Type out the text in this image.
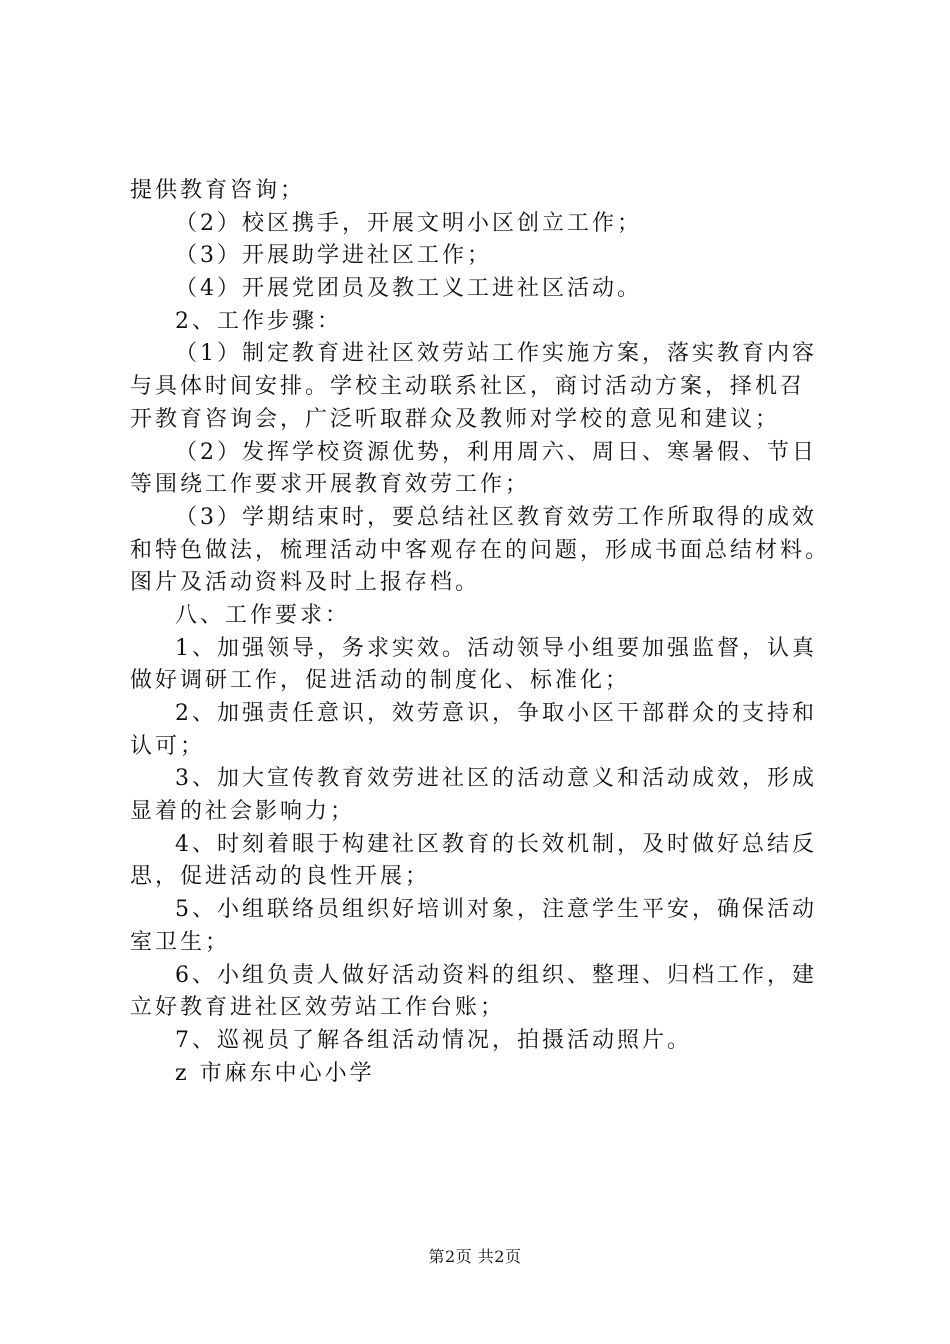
提供教育咨询；
（2）校区携手，开展文明小区创立工作；
（3）开展助学进社区工作；
（4）开展党团员及教工义工进社区活动。
2、工作步骤：
（1）制定教育进社区效劳站工作实施方案，落实教育内容
与具体时间安排。学校主动联系社区，商讨活动方案，择机召
开教育咨询会，广泛听取群众及教师对学校的意见和建议；
（2）发挥学校资源优势，利用周六、周日、寒暑假、节日
等围绕工作要求开展教育效劳工作；
（3）学期结束时，要总结社区教育效劳工作所取得的成效
和特色做法，梳理活动中客观存在的问题，形成书面总结材料。
图片及活动资料及时上报存档。
八、工作要求：
1、加强领导，务求实效。活动领导小组要加强监督，认真
做好调研工作，促进活动的制度化、标准化；
2、加强责任意识，效劳意识，争取小区干部群众的支持和
认可；
3、加大宣传教育效劳进社区的活动意义和活动成效，形成
显着的社会影响力；
4、时刻着眼于构建社区教育的长效机制，及时做好总结反
思，促进活动的良性开展；
5、小组联络员组织好培训对象，注意学生平安，确保活动
室卫生；
6、小组负责人做好活动资料的组织、整理、归档工作，建
立好教育进社区效劳站工作台账；
7、巡视员了解各组活动情况，拍摄活动照片。
z 市麻东中心小学
第2页 共2页
